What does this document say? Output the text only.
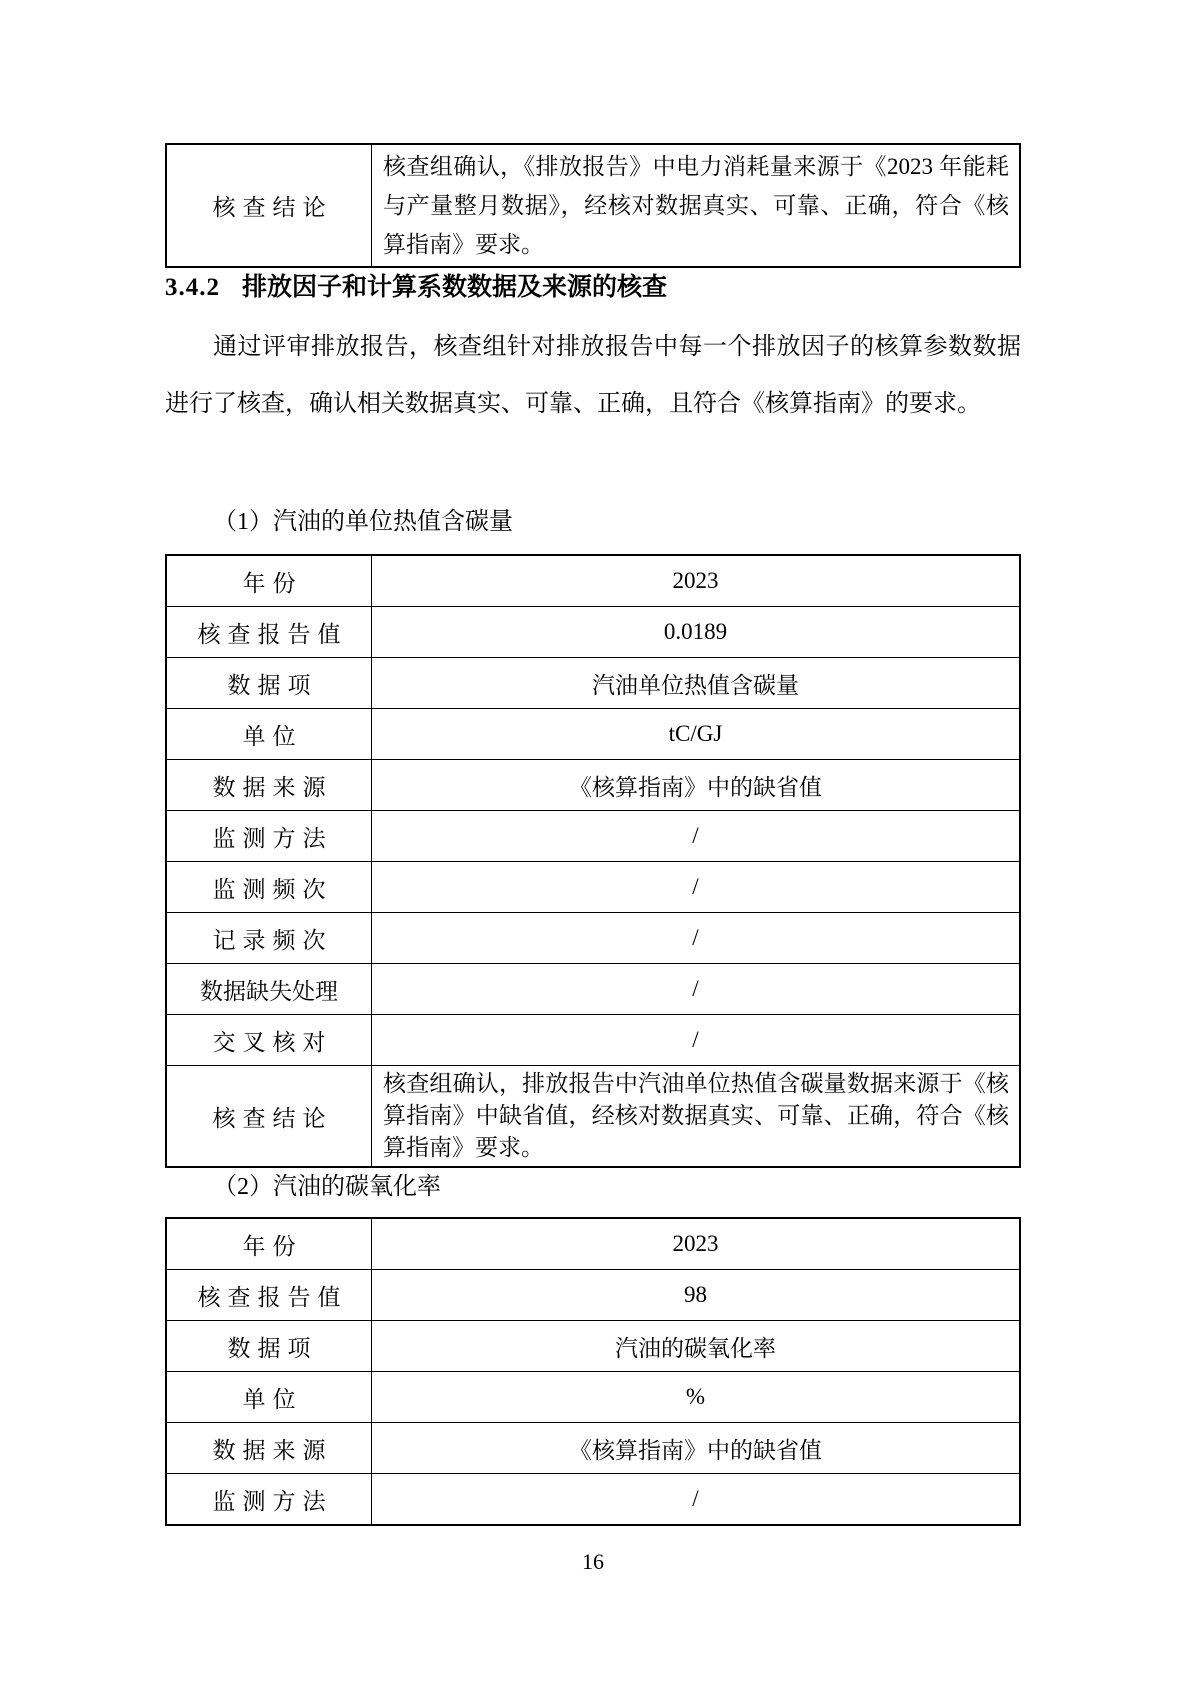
核查结论	核查组确认，《排放报告》中电力消耗量来源于《2023 年能耗与产量整月数据》，经核对数据真实、可靠、正确，符合《核算指南》要求。
3.4.2 排放因子和计算系数数据及来源的核查
通过评审排放报告，核查组针对排放报告中每一个排放因子的核算参数数据进行了核查，确认相关数据真实、可靠、正确，且符合《核算指南》的要求。
（1）汽油的单位热值含碳量
年份	2023
核查报告值	0.0189
数据项	汽油单位热值含碳量
单位	tC/GJ
数据来源	《核算指南》中的缺省值
监测方法	/
监测频次	/
记录频次	/
数据缺失处理	/
交叉核对	/
核查结论	核查组确认，排放报告中汽油单位热值含碳量数据来源于《核算指南》中缺省值，经核对数据真实、可靠、正确，符合《核算指南》要求。
（2）汽油的碳氧化率
年份	2023
核查报告值	98
数据项	汽油的碳氧化率
单位	%
数据来源	《核算指南》中的缺省值
监测方法	/
16
